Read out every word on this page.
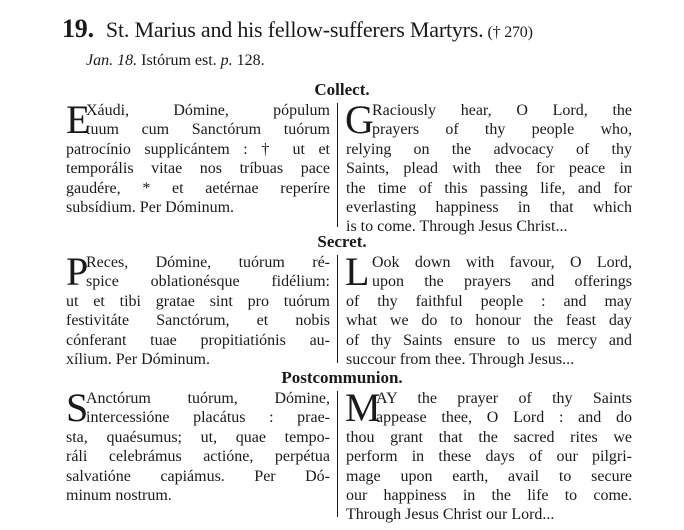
19. St. Marius and his fellow-sufferers Martyrs. († 270)
Jan. 18. Istórum est. p. 128.
Collect.
E
Xáudi, Dómine, pópulum
tuum cum Sanctórum tuórum
patrocínio supplicántem : † ut et
temporális vitae nos tríbuas pace
gaudére, * et aetérnae reperíre
subsídium. Per Dóminum.
G
Raciously hear, O Lord, the
prayers of thy people who,
relying on the advocacy of thy
Saints, plead with thee for peace in
the time of this passing life, and for
everlasting happiness in that which
is to come. Through Jesus Christ...
Secret.
P
Reces, Dómine, tuórum ré-
spice oblationésque fidélium:
ut et tibi gratae sint pro tuórum
festivitáte Sanctórum, et nobis
cónferant tuae propitiatiónis au-
xílium. Per Dóminum.
L Ook down with favour, O Lord,
upon the prayers and offerings
of thy faithful people : and may
what we do to honour the feast day
of thy Saints ensure to us mercy and
succour from thee. Through Jesus...
Postcommunion.
S
Anctórum tuórum, Dómine,
intercessióne placátus : prae-
sta, quaésumus; ut, quae tempo-
ráli celebrámus actióne, perpétua
salvatióne capiámus. Per Dó-
minum nostrum.
M
AY the prayer of thy Saints
appease thee, O Lord : and do
thou grant that the sacred rites we
perform in these days of our pilgri-
mage upon earth, avail to secure
our happiness in the life to come.
Through Jesus Christ our Lord...
